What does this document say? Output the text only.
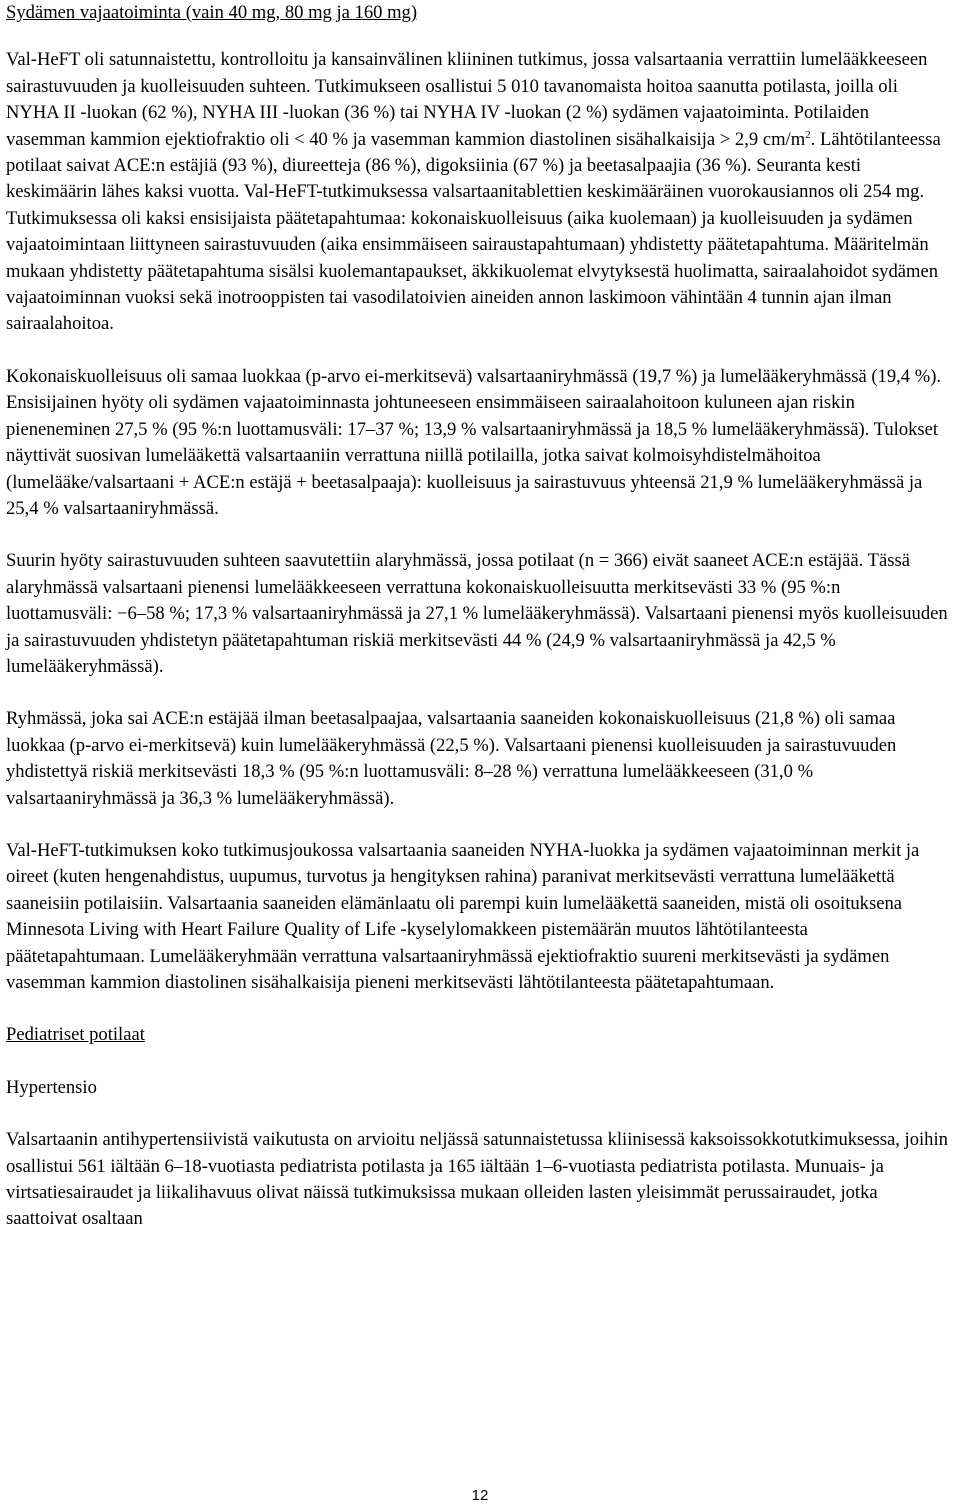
Sydämen vajaatoiminta (vain 40 mg, 80 mg ja 160 mg)

Val-HeFT oli satunnaistettu, kontrolloitu ja kansainvälinen kliininen tutkimus, jossa valsartaania verrattiin lumelääkkeeseen sairastuvuuden ja kuolleisuuden suhteen. Tutkimukseen osallistui 5 010 tavanomaista hoitoa saanutta potilasta, joilla oli NYHA II -luokan (62 %), NYHA III -luokan (36 %) tai NYHA IV -luokan (2 %) sydämen vajaatoiminta. Potilaiden vasemman kammion ejektiofraktio oli < 40 % ja vasemman kammion diastolinen sisähalkaisija > 2,9 $cm/m^2$. Lähtötilanteessa potilaat saivat ACE:n estäjiä (93 %), diureetteja (86 %), digoksiinia (67 %) ja beetasalpaajia (36 %). Seuranta kesti keskimäärin lähes kaksi vuotta. Val-HeFT-tutkimuksessa valsartaanitablettien keskimääräinen vuorokausiannos oli 254 mg. Tutkimuksessa oli kaksi ensisijaista päätetapahtumaa: kokonaiskuolleisuus (aika kuolemaan) ja kuolleisuuden ja sydämen vajaatoimintaan liittyneen sairastuvuuden (aika ensimmäiseen sairaustapahtumaan) yhdistetty päätetapahtuma. Määritelmän mukaan yhdistetty päätetapahtuma sisälsi kuolemantapaukset, äkkikuolemat elvytyksestä huolimatta, sairaalahoidot sydämen vajaatoiminnan vuoksi sekä inotrooppisten tai vasodilatoivien aineiden annon laskimoon vähintään 4 tunnin ajan ilman sairaalahoitoa.

Kokonaiskuolleisuus oli samaa luokkaa (p-arvo ei-merkitsevä) valsartaaniryhmässä (19,7 %) ja lumelääkeryhmässä (19,4 %). Ensisijainen hyöty oli sydämen vajaatoiminnasta johtuneeseen ensimmäiseen sairaalahoitoon kuluneen ajan riskin pieneneminen 27,5 % (95 %:n luottamusväli: 17–37 %; 13,9 % valsartaaniryhmässä ja 18,5 % lumelääkeryhmässä). Tulokset näyttivät suosivan lumelääkettä valsartaaniin verrattuna niillä potilailla, jotka saivat kolmoisyhdistelmähoitoa (lumelääke/valsartaani + ACE:n estäjä + beetasalpaaja): kuolleisuus ja sairastuvuus yhteensä 21,9 % lumelääkeryhmässä ja 25,4 % valsartaaniryhmässä.

Suurin hyöty sairastuvuuden suhteen saavutettiin alaryhmässä, jossa potilaat (n = 366) eivät saaneet ACE:n estäjää. Tässä alaryhmässä valsartaani pienensi lumelääkkeeseen verrattuna kokonaiskuolleisuutta merkitsevästi 33 % (95 %:n luottamusväli: −6–58 %; 17,3 % valsartaaniryhmässä ja 27,1 % lumelääkeryhmässä). Valsartaani pienensi myös kuolleisuuden ja sairastuvuuden yhdistetyn päätetapahtuman riskiä merkitsevästi 44 % (24,9 % valsartaaniryhmässä ja 42,5 % lumelääkeryhmässä).

Ryhmässä, joka sai ACE:n estäjää ilman beetasalpaajaa, valsartaania saaneiden kokonaiskuolleisuus (21,8 %) oli samaa luokkaa (p-arvo ei-merkitsevä) kuin lumelääkeryhmässä (22,5 %). Valsartaani pienensi kuolleisuuden ja sairastuvuuden yhdistettyä riskiä merkitsevästi 18,3 % (95 %:n luottamusväli: 8–28 %) verrattuna lumelääkkeeseen (31,0 % valsartaaniryhmässä ja 36,3 % lumelääkeryhmässä).

Val-HeFT-tutkimuksen koko tutkimusjoukossa valsartaania saaneiden NYHA-luokka ja sydämen vajaatoiminnan merkit ja oireet (kuten hengenahdistus, uupumus, turvotus ja hengityksen rahina) paranivat merkitsevästi verrattuna lumelääkettä saaneisiin potilaisiin. Valsartaania saaneiden elämänlaatu oli parempi kuin lumelääkettä saaneiden, mistä oli osoituksena Minnesota Living with Heart Failure Quality of Life -kyselylomakkeen pistemäärän muutos lähtötilanteesta päätetapahtumaan. Lumelääkeryhmään verrattuna valsartaaniryhmässä ejektiofraktio suureni merkitsevästi ja sydämen vasemman kammion diastolinen sisähalkaisija pieneni merkitsevästi lähtötilanteesta päätetapahtumaan.

Pediatriset potilaat

Hypertensio

Valsartaanin antihypertensiivistä vaikutusta on arvioitu neljässä satunnaistetussa kliinisessä kaksoissokkotutkimuksessa, joihin osallistui 561 iältään 6–18-vuotiasta pediatrista potilasta ja 165 iältään 1–6-vuotiasta pediatrista potilasta. Munuais- ja virtsatiesairaudet ja liikalihavuus olivat näissä tutkimuksissa mukaan olleiden lasten yleisimmät perussairaudet, jotka saattoivat osaltaan

12
